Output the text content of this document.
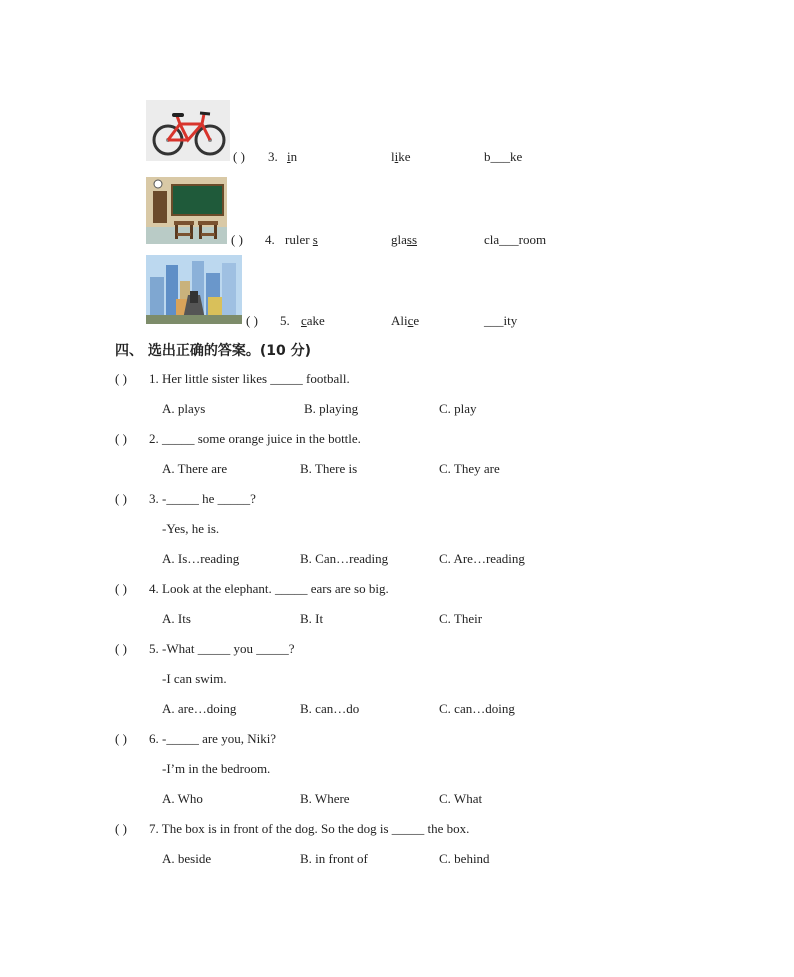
( ) 3. in	like	b___ke
( ) 4. ruler s	glass	cla___room
( ) 5. cake	Alice	___ity
四、 选出正确的答案。(10 分)
( ) 1. Her little sister likes _____ football.
A. plays	B. playing	C. play
( ) 2. _____ some orange juice in the bottle.
A. There are	B. There is	C. They are
( ) 3. -_____ he _____?
-Yes, he is.
A. Is…reading	B. Can…reading	C. Are…reading
( ) 4. Look at the elephant. _____ ears are so big.
A. Its	B. It	C. Their
( ) 5. -What _____ you _____?
-I can swim.
A. are…doing	B. can…do	C. can…doing
( ) 6. -_____ are you, Niki?
-I’m in the bedroom.
A. Who	B. Where	C. What
( ) 7. The box is in front of the dog. So the dog is _____ the box.
A. beside	B. in front of	C. behind
